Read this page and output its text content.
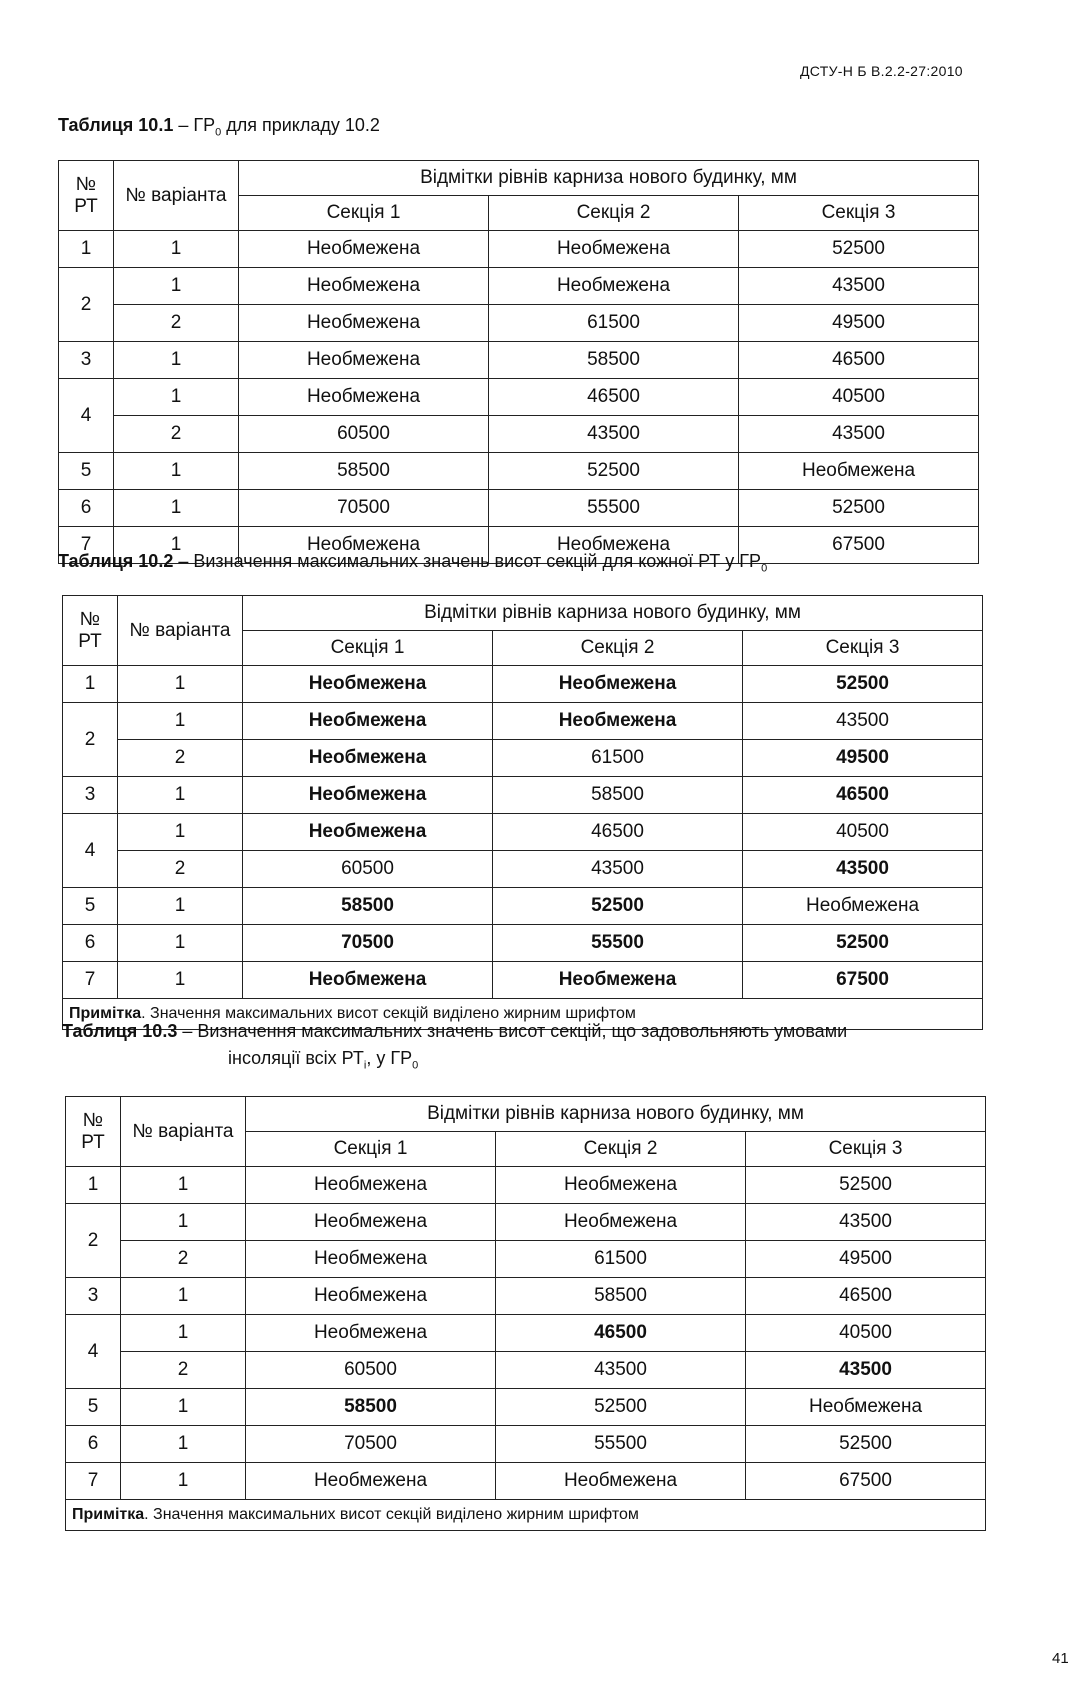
ДСТУ-Н Б В.2.2-27:2010
Таблиця $10.1 - ГР_0$ для прикладу 10.2
№ РТ	№ варіанта	Відмітки рівнів карниза нового будинку, мм		
		Секція 1	Секція 2	Секція 3
1	1	Необмежена	Необмежена	52500
2	1	Необмежена	Необмежена	43500
	2	Необмежена	61500	49500
3	1	Необмежена	58500	46500
4	1	Необмежена	46500	40500
	2	60500	43500	43500
5	1	58500	52500	Необмежена
6	1	70500	55500	52500
7	1	Необмежена	Необмежена	67500
Таблиця 10.2 – Визначення максимальних значень висот секцій для кожної РТ у $ГР_0$
№ РТ	№ варіанта	Відмітки рівнів карниза нового будинку, мм		
		Секція 1	Секція 2	Секція 3
1	1	Необмежена	Необмежена	52500
2	1	Необмежена	Необмежена	43500
	2	Необмежена	61500	49500
3	1	Необмежена	58500	46500
4	1	Необмежена	46500	40500
	2	60500	43500	43500
5	1	58500	52500	Необмежена
6	1	70500	55500	52500
7	1	Необмежена	Необмежена	67500
Примітка. Значення максимальних висот секцій виділено жирним шрифтом				
Таблиця 10.3 – Визначення максимальних значень висот секцій, що задовольняють умовами
інсоляції всіх $РТ_i$, у $ГР_0$
№ РТ	№ варіанта	Відмітки рівнів карниза нового будинку, мм		
		Секція 1	Секція 2	Секція 3
1	1	Необмежена	Необмежена	52500
2	1	Необмежена	Необмежена	43500
	2	Необмежена	61500	49500
3	1	Необмежена	58500	46500
4	1	Необмежена	46500	40500
	2	60500	43500	43500
5	1	58500	52500	Необмежена
6	1	70500	55500	52500
7	1	Необмежена	Необмежена	67500
Примітка. Значення максимальних висот секцій виділено жирним шрифтом				
41
